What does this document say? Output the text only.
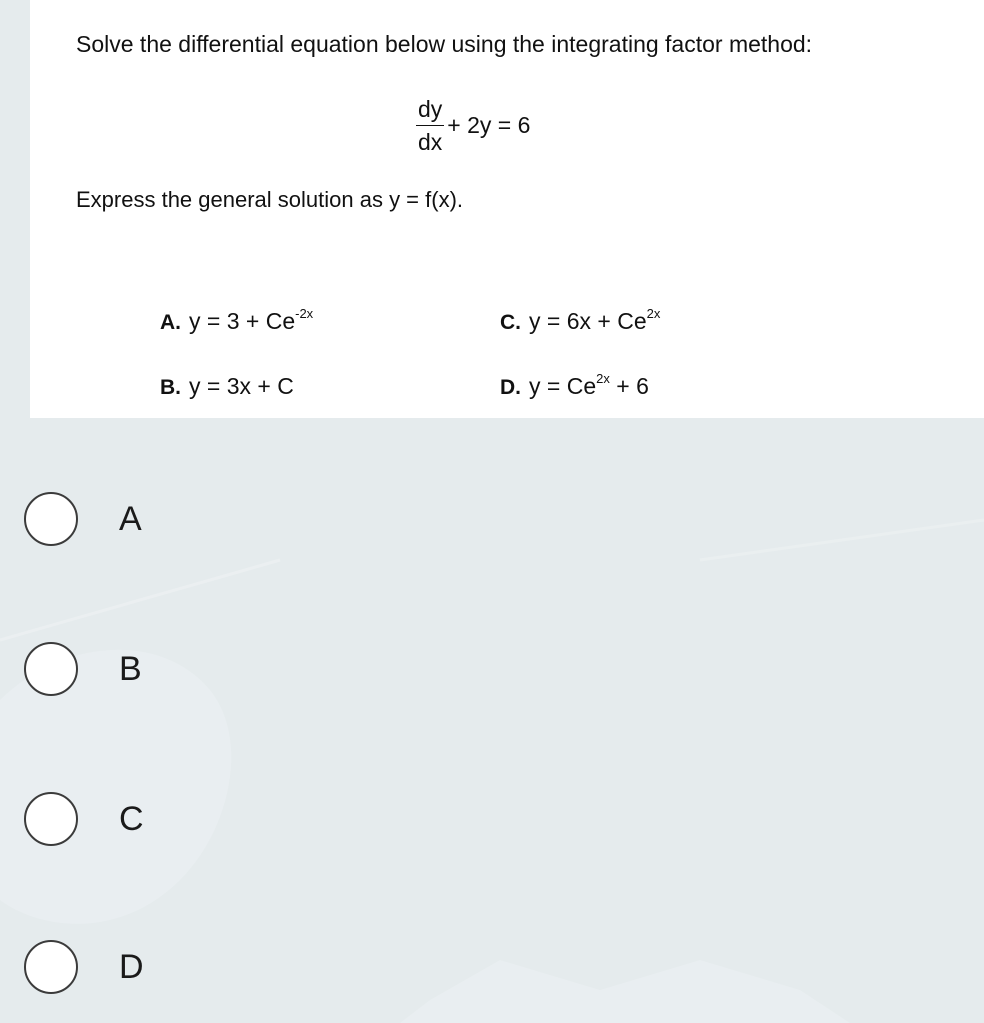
Solve the differential equation below using the integrating factor method:

$\frac{dy}{dx} + 2y = 6$

Express the general solution as y = f(x).

A. $y = 3 + Ce^{-2x}$
B. y = 3x + C
C. $y = 6x + Ce^{2x}$
D. $y = Ce^{2x} + 6$
A
B
C
D
